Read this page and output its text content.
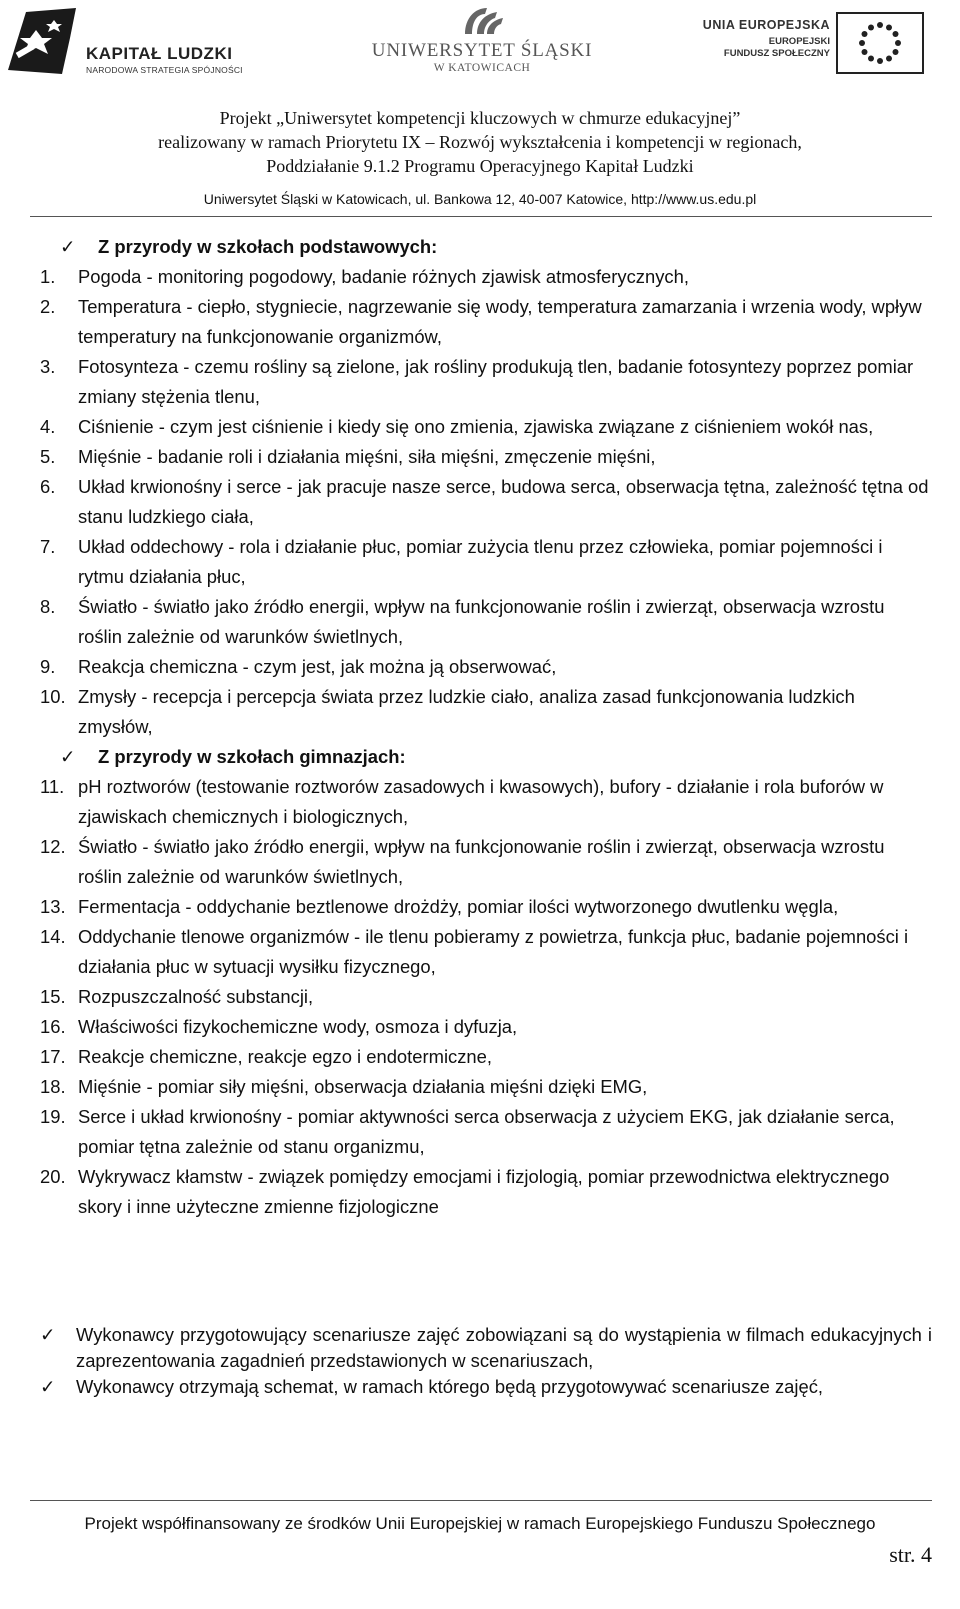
KAPITAŁ LUDZKI
NARODOWA STRATEGIA SPÓJNOŚCI
UNIWERSYTET ŚLĄSKI
W KATOWICACH
UNIA EUROPEJSKA
EUROPEJSKI
FUNDUSZ SPOŁECZNY
Projekt „Uniwersytet kompetencji kluczowych w chmurze edukacyjnej”
realizowany w ramach Priorytetu IX – Rozwój wykształcenia i kompetencji w regionach,
Poddziałanie 9.1.2 Programu Operacyjnego Kapitał Ludzki
Uniwersytet Śląski w Katowicach, ul. Bankowa 12, 40-007 Katowice, http://www.us.edu.pl
✓ Z przyrody w szkołach podstawowych:
1. Pogoda - monitoring pogodowy, badanie różnych zjawisk atmosferycznych,
2. Temperatura - ciepło, stygniecie, nagrzewanie się wody, temperatura zamarzania i wrzenia wody, wpływ temperatury na funkcjonowanie organizmów,
3. Fotosynteza - czemu rośliny są zielone, jak rośliny produkują tlen, badanie fotosyntezy poprzez pomiar zmiany stężenia tlenu,
4. Ciśnienie - czym jest ciśnienie i kiedy się ono zmienia, zjawiska związane z ciśnieniem wokół nas,
5. Mięśnie - badanie roli i działania mięśni, siła mięśni, zmęczenie mięśni,
6. Układ krwionośny i serce - jak pracuje nasze serce, budowa serca, obserwacja tętna, zależność tętna od stanu ludzkiego ciała,
7. Układ oddechowy - rola i działanie płuc, pomiar zużycia tlenu przez człowieka, pomiar pojemności i rytmu działania płuc,
8. Światło - światło jako źródło energii, wpływ na funkcjonowanie roślin i zwierząt, obserwacja wzrostu roślin zależnie od warunków świetlnych,
9. Reakcja chemiczna - czym jest, jak można ją obserwować,
10. Zmysły - recepcja i percepcja świata przez ludzkie ciało, analiza zasad funkcjonowania ludzkich zmysłów,
✓ Z przyrody w szkołach gimnazjach:
11. pH roztworów (testowanie roztworów zasadowych i kwasowych), bufory - działanie i rola buforów w zjawiskach chemicznych i biologicznych,
12. Światło - światło jako źródło energii, wpływ na funkcjonowanie roślin i zwierząt, obserwacja wzrostu roślin zależnie od warunków świetlnych,
13. Fermentacja - oddychanie beztlenowe drożdży, pomiar ilości wytworzonego dwutlenku węgla,
14. Oddychanie tlenowe organizmów - ile tlenu pobieramy z powietrza, funkcja płuc, badanie pojemności i działania płuc w sytuacji wysiłku fizycznego,
15. Rozpuszczalność substancji,
16. Właściwości fizykochemiczne wody, osmoza i dyfuzja,
17. Reakcje chemiczne, reakcje egzo i endotermiczne,
18. Mięśnie - pomiar siły mięśni, obserwacja działania mięśni dzięki EMG,
19. Serce i układ krwionośny - pomiar aktywności serca obserwacja z użyciem EKG, jak działanie serca, pomiar tętna zależnie od stanu organizmu,
20. Wykrywacz kłamstw - związek pomiędzy emocjami i fizjologią, pomiar przewodnictwa elektrycznego skory i inne użyteczne zmienne fizjologiczne
✓ Wykonawcy przygotowujący scenariusze zajęć zobowiązani są do wystąpienia w filmach edukacyjnych i zaprezentowania zagadnień przedstawionych w scenariuszach,
✓ Wykonawcy otrzymają schemat, w ramach którego będą przygotowywać scenariusze zajęć,
Projekt współfinansowany ze środków Unii Europejskiej w ramach Europejskiego Funduszu Społecznego
str. 4
